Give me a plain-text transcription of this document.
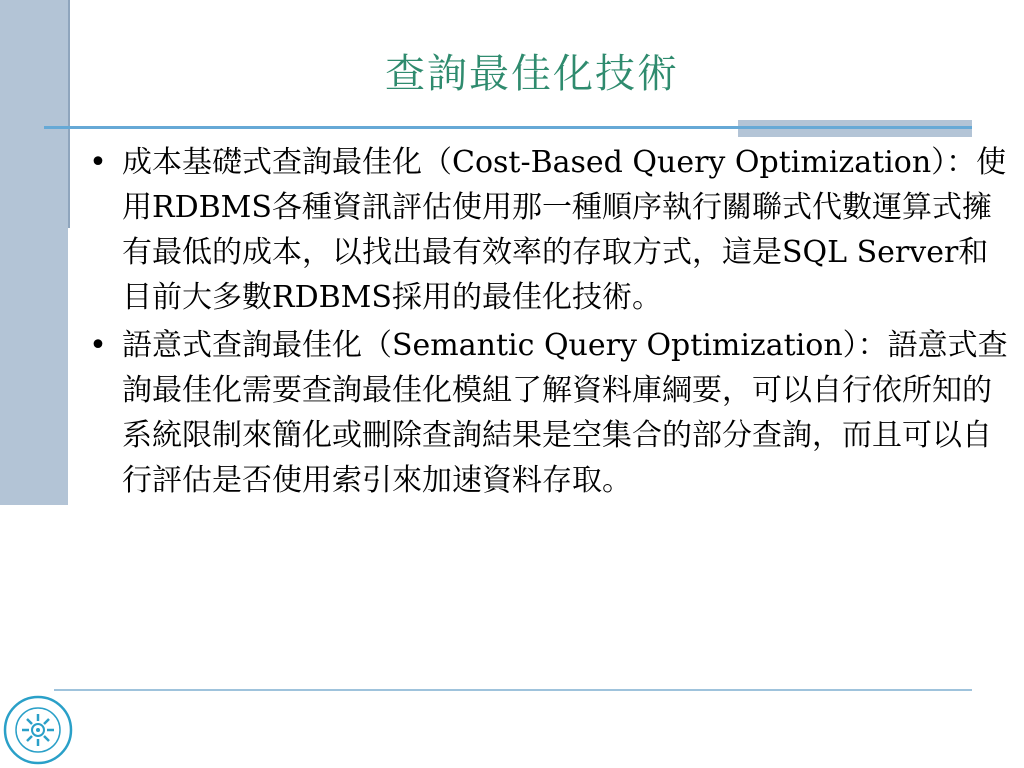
查詢最佳化技術
• 成本基礎式查詢最佳化（Cost-Based Query Optimization）：使用RDBMS各種資訊評估使用那一種順序執行關聯式代數運算式擁有最低的成本，以找出最有效率的存取方式，這是SQL Server和目前大多數RDBMS採用的最佳化技術。
• 語意式查詢最佳化（Semantic Query Optimization）：語意式查詢最佳化需要查詢最佳化模組了解資料庫綱要，可以自行依所知的系統限制來簡化或刪除查詢結果是空集合的部分查詢，而且可以自行評估是否使用索引來加速資料存取。
